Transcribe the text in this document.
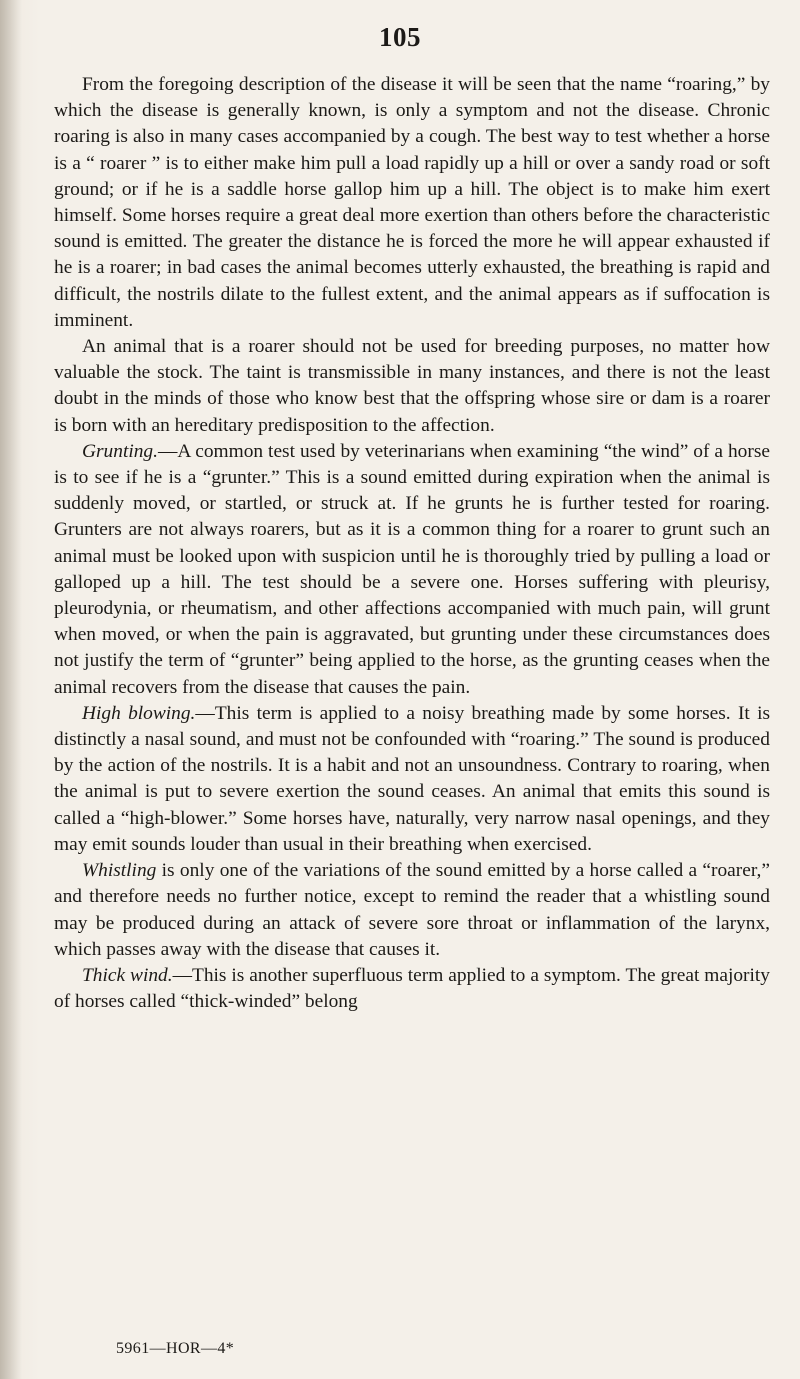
105

From the foregoing description of the disease it will be seen that the name “roaring,” by which the disease is generally known, is only a symptom and not the disease. Chronic roaring is also in many cases accompanied by a cough. The best way to test whether a horse is a “ roarer ” is to either make him pull a load rapidly up a hill or over a sandy road or soft ground; or if he is a saddle horse gallop him up a hill. The object is to make him exert himself. Some horses require a great deal more exertion than others before the characteristic sound is emitted. The greater the distance he is forced the more he will appear exhausted if he is a roarer; in bad cases the animal becomes utterly exhausted, the breathing is rapid and difficult, the nostrils dilate to the fullest extent, and the animal appears as if suffocation is imminent.

An animal that is a roarer should not be used for breeding purposes, no matter how valuable the stock. The taint is transmissible in many instances, and there is not the least doubt in the minds of those who know best that the offspring whose sire or dam is a roarer is born with an hereditary predisposition to the affection.

Grunting.—A common test used by veterinarians when examining “the wind” of a horse is to see if he is a “grunter.” This is a sound emitted during expiration when the animal is suddenly moved, or startled, or struck at. If he grunts he is further tested for roaring. Grunters are not always roarers, but as it is a common thing for a roarer to grunt such an animal must be looked upon with suspicion until he is thoroughly tried by pulling a load or galloped up a hill. The test should be a severe one. Horses suffering with pleurisy, pleurodynia, or rheumatism, and other affections accompanied with much pain, will grunt when moved, or when the pain is aggravated, but grunting under these circumstances does not justify the term of “grunter” being applied to the horse, as the grunting ceases when the animal recovers from the disease that causes the pain.

High blowing.—This term is applied to a noisy breathing made by some horses. It is distinctly a nasal sound, and must not be confounded with “roaring.” The sound is produced by the action of the nostrils. It is a habit and not an unsoundness. Contrary to roaring, when the animal is put to severe exertion the sound ceases. An animal that emits this sound is called a “high-blower.” Some horses have, naturally, very narrow nasal openings, and they may emit sounds louder than usual in their breathing when exercised.

Whistling is only one of the variations of the sound emitted by a horse called a “roarer,” and therefore needs no further notice, except to remind the reader that a whistling sound may be produced during an attack of severe sore throat or inflammation of the larynx, which passes away with the disease that causes it.

Thick wind.—This is another superfluous term applied to a symptom. The great majority of horses called “thick-winded” belong

5961—HOR—4*
